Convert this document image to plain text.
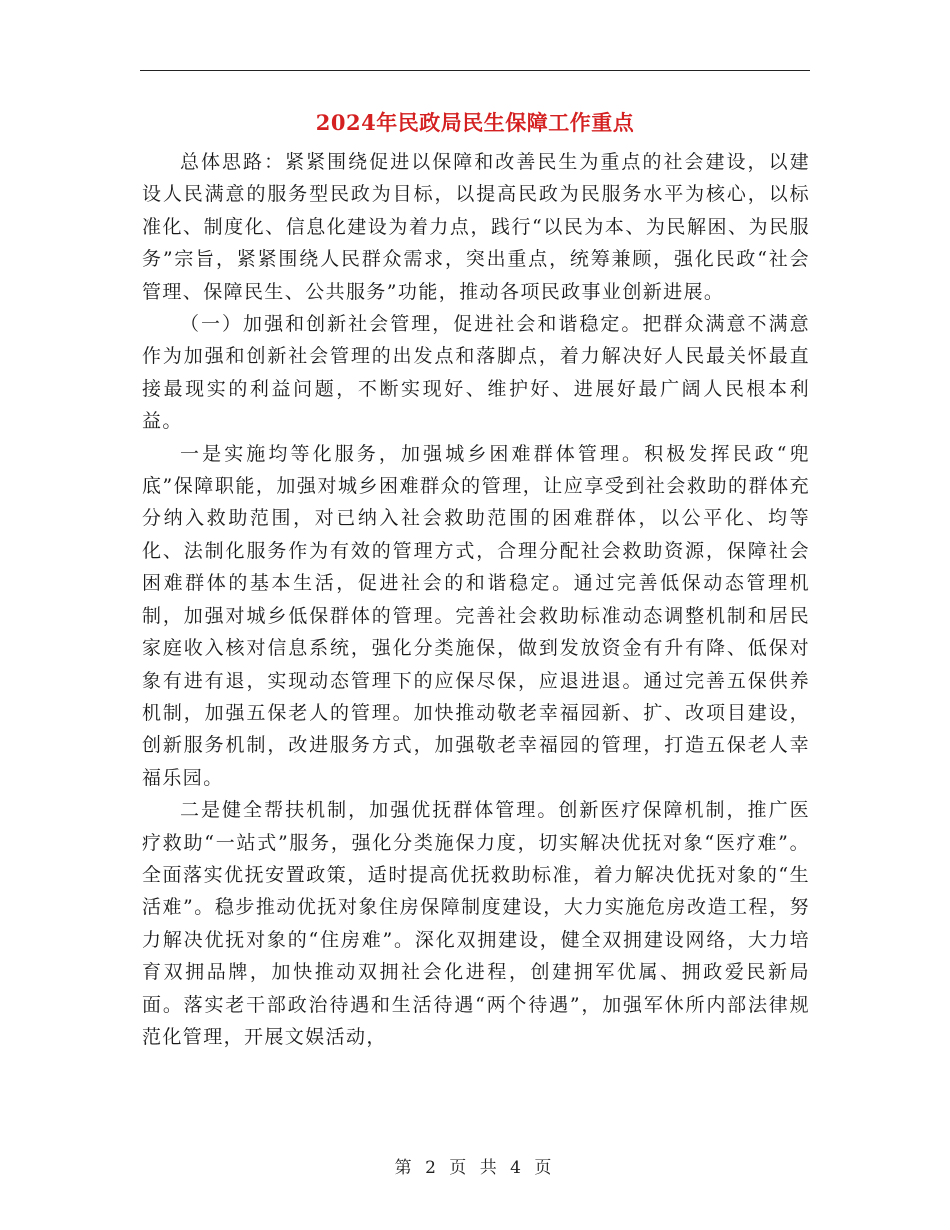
2024年民政局民生保障工作重点

总体思路：紧紧围绕促进以保障和改善民生为重点的社会建设，以建设人民满意的服务型民政为目标，以提高民政为民服务水平为核心，以标准化、制度化、信息化建设为着力点，践行“以民为本、为民解困、为民服务”宗旨，紧紧围绕人民群众需求，突出重点，统筹兼顾，强化民政“社会管理、保障民生、公共服务”功能，推动各项民政事业创新进展。

（一）加强和创新社会管理，促进社会和谐稳定。把群众满意不满意作为加强和创新社会管理的出发点和落脚点，着力解决好人民最关怀最直接最现实的利益问题，不断实现好、维护好、进展好最广阔人民根本利益。

一是实施均等化服务，加强城乡困难群体管理。积极发挥民政“兜底”保障职能，加强对城乡困难群众的管理，让应享受到社会救助的群体充分纳入救助范围，对已纳入社会救助范围的困难群体，以公平化、均等化、法制化服务作为有效的管理方式，合理分配社会救助资源，保障社会困难群体的基本生活，促进社会的和谐稳定。通过完善低保动态管理机制，加强对城乡低保群体的管理。完善社会救助标准动态调整机制和居民家庭收入核对信息系统，强化分类施保，做到发放资金有升有降、低保对象有进有退，实现动态管理下的应保尽保，应退进退。通过完善五保供养机制，加强五保老人的管理。加快推动敬老幸福园新、扩、改项目建设，创新服务机制，改进服务方式，加强敬老幸福园的管理，打造五保老人幸福乐园。

二是健全帮扶机制，加强优抚群体管理。创新医疗保障机制，推广医疗救助“一站式”服务，强化分类施保力度，切实解决优抚对象“医疗难”。全面落实优抚安置政策，适时提高优抚救助标准，着力解决优抚对象的“生活难”。稳步推动优抚对象住房保障制度建设，大力实施危房改造工程，努力解决优抚对象的“住房难”。深化双拥建设，健全双拥建设网络，大力培育双拥品牌，加快推动双拥社会化进程，创建拥军优属、拥政爱民新局面。落实老干部政治待遇和生活待遇“两个待遇”，加强军休所内部法律规范化管理，开展文娱活动，

第 2 页 共 4 页
